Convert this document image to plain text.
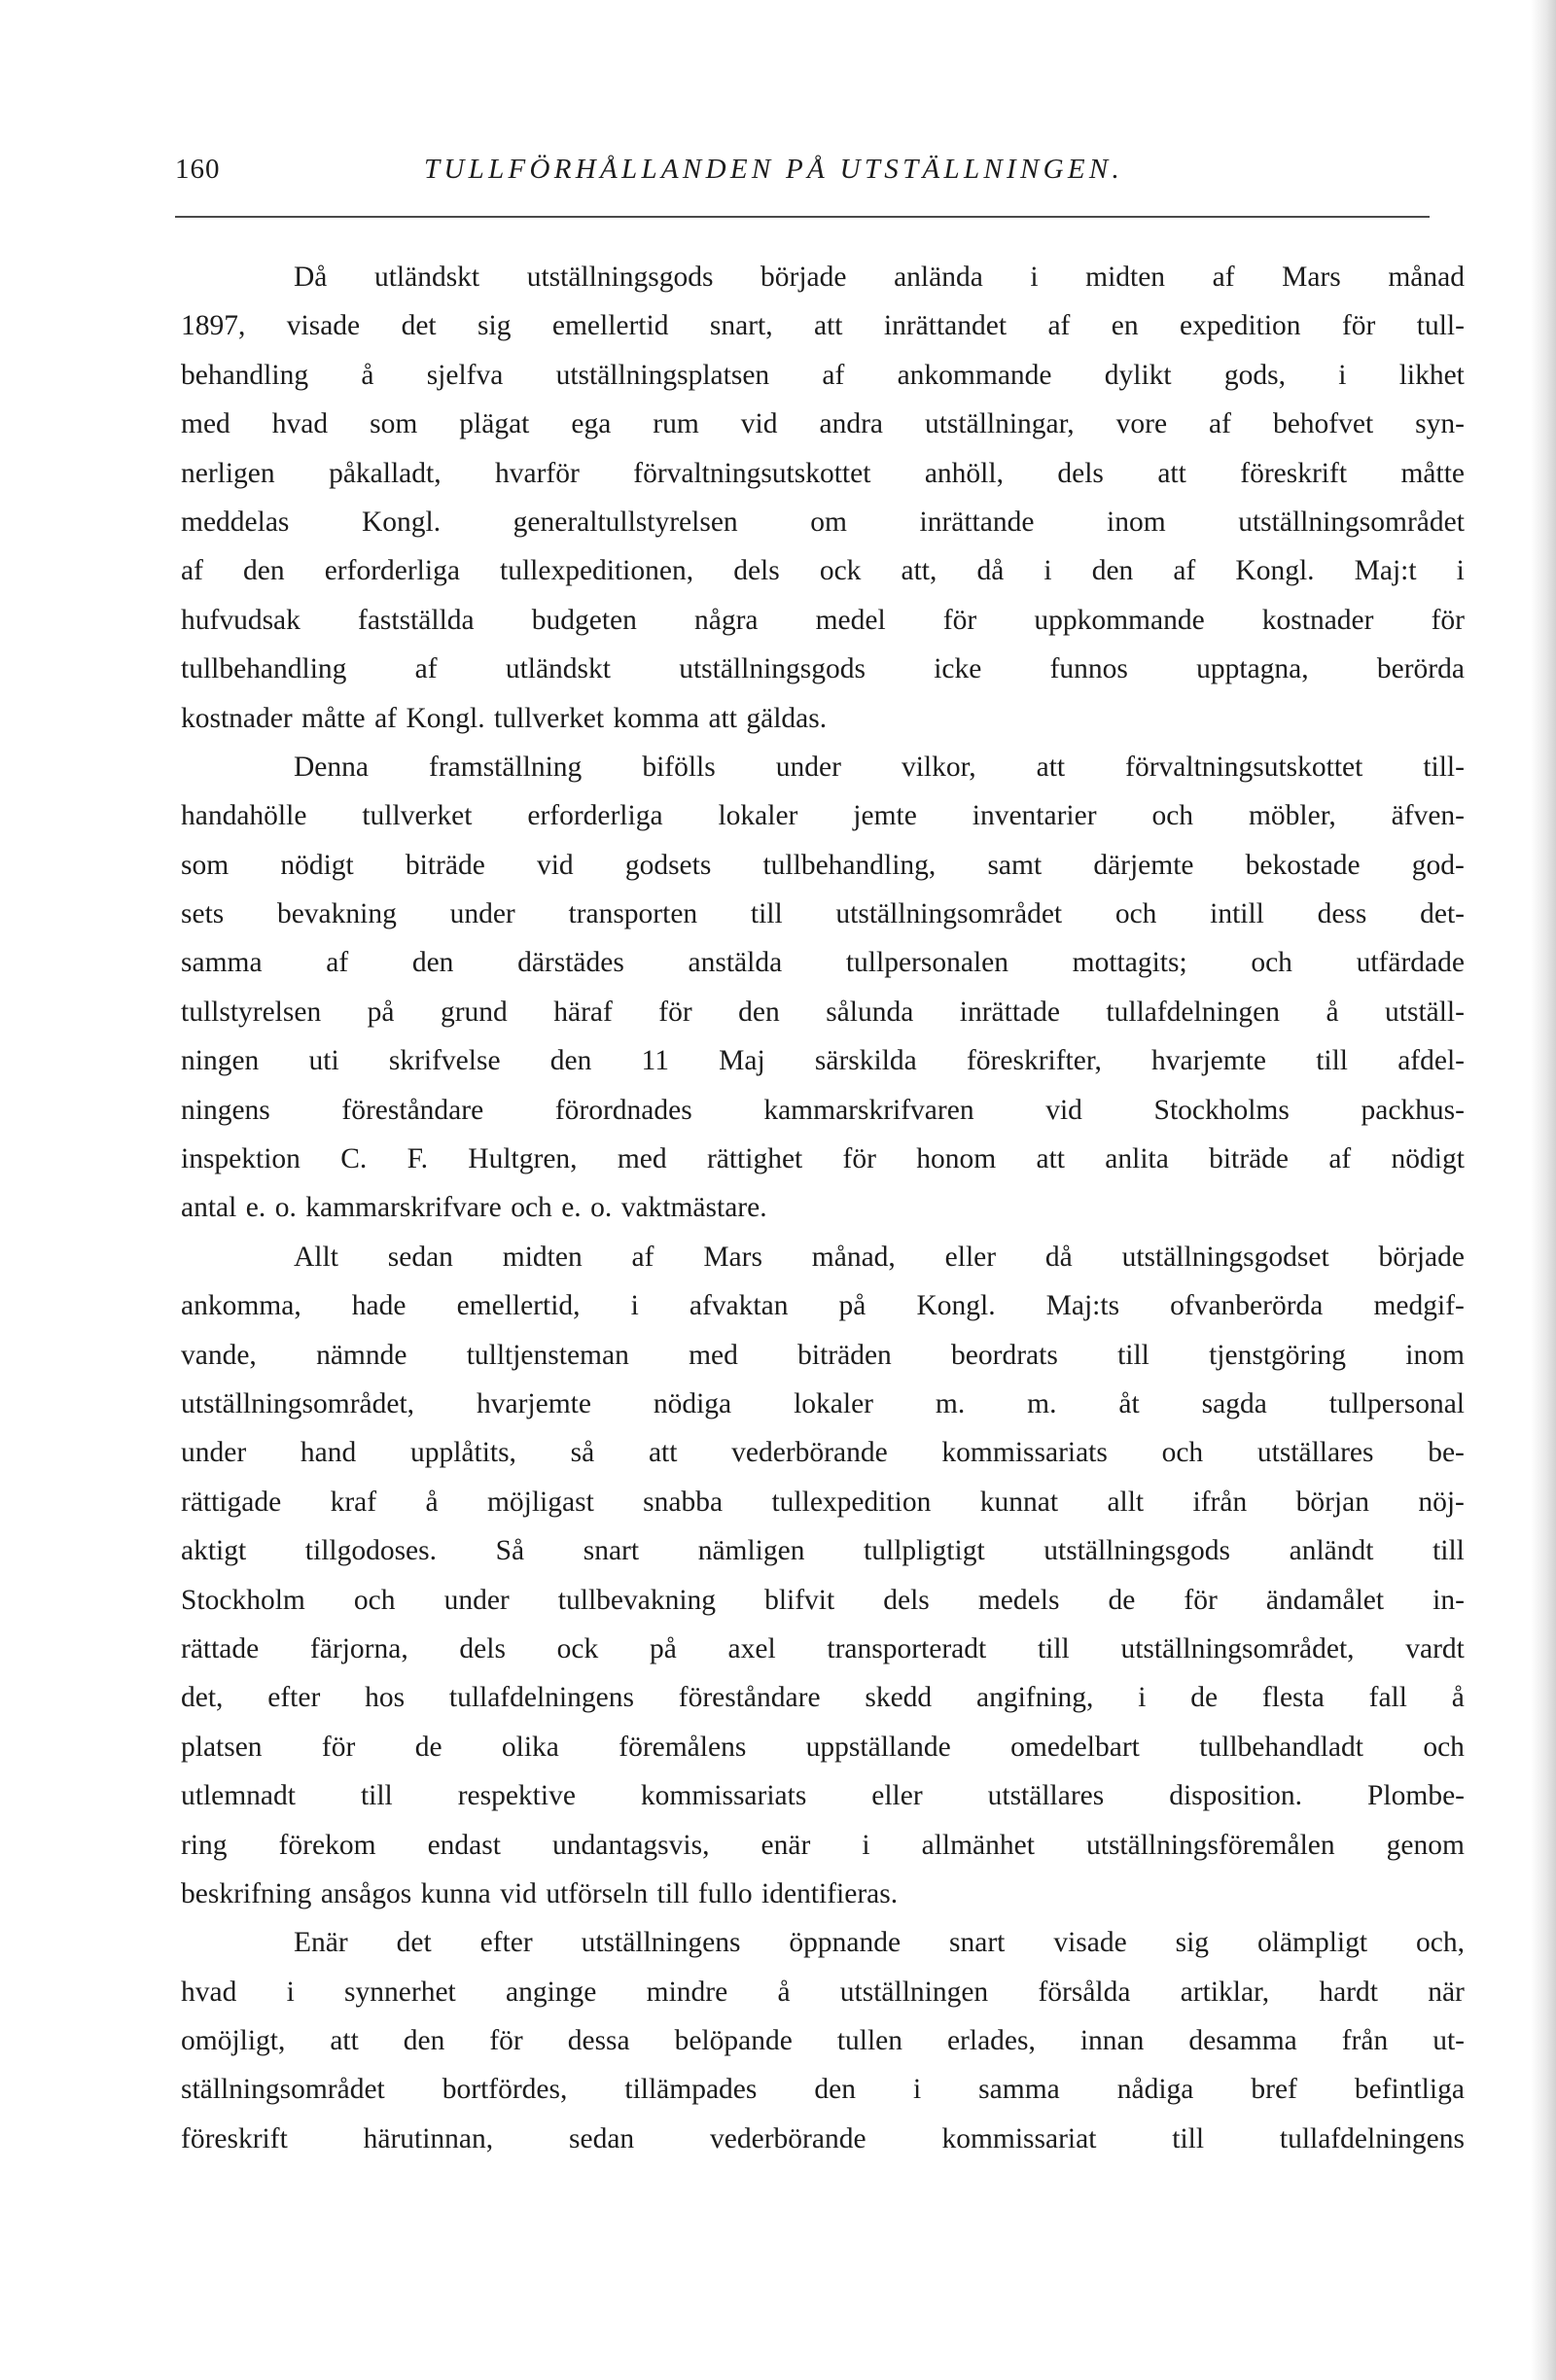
160	TULLFÖRHÅLLANDEN PÅ UTSTÄLLNINGEN.
Då utländskt utställningsgods började anlända i midten af Mars månad
1897, visade det sig emellertid snart, att inrättandet af en expedition för tull-
behandling å sjelfva utställningsplatsen af ankommande dylikt gods, i likhet
med hvad som plägat ega rum vid andra utställningar, vore af behofvet syn-
nerligen påkalladt, hvarför förvaltningsutskottet anhöll, dels att föreskrift måtte
meddelas	Kongl.	generaltullstyrelsen	om	inrättande	inom	utställningsområdet
af den erforderliga tullexpeditionen, dels ock att, då i den af Kongl. Maj:t i
hufvudsak fastställda budgeten några medel för uppkommande kostnader för
tullbehandling af utländskt utställningsgods icke funnos upptagna, berörda
kostnader måtte af Kongl. tullverket komma att gäldas.
Denna framställning bifölls under vilkor, att förvaltningsutskottet till-
handahölle tullverket erforderliga lokaler jemte inventarier och möbler, äfven-
som nödigt biträde vid godsets tullbehandling, samt därjemte bekostade god-
sets bevakning under transporten till utställningsområdet och intill dess det-
samma af den därstädes anstälda tullpersonalen mottagits; och utfärdade
tullstyrelsen på grund häraf för den sålunda inrättade tullafdelningen å utställ-
ningen uti skrifvelse den 11 Maj särskilda föreskrifter, hvarjemte till afdel-
ningens föreståndare förordnades kammarskrifvaren vid Stockholms packhus-
inspektion C. F. Hultgren, med rättighet för honom att anlita biträde af nödigt
antal e. o. kammarskrifvare och e. o. vaktmästare.
Allt sedan midten af Mars månad, eller då utställningsgodset började
ankomma, hade emellertid, i afvaktan på Kongl. Maj:ts ofvanberörda medgif-
vande, nämnde tulltjensteman med biträden beordrats till tjenstgöring inom
utställningsområdet, hvarjemte nödiga lokaler m. m. åt sagda tullpersonal
under hand upplåtits, så att vederbörande kommissariats och utställares be-
rättigade kraf å möjligast snabba tullexpedition kunnat allt ifrån början nöj-
aktigt tillgodoses. Så snart nämligen tullpligtigt utställningsgods anländt till
Stockholm och under tullbevakning blifvit dels medels de för ändamålet in-
rättade färjorna, dels ock på axel transporteradt till utställningsområdet, vardt
det, efter hos tullafdelningens föreståndare skedd angifning, i de flesta fall å
platsen för de olika föremålens uppställande omedelbart tullbehandladt och
utlemnadt till respektive kommissariats eller utställares disposition. Plombe-
ring förekom endast undantagsvis, enär i allmänhet utställningsföremålen genom
beskrifning ansågos kunna vid utförseln till fullo identifieras.
Enär det efter utställningens öppnande snart visade sig olämpligt och,
hvad i synnerhet anginge mindre å utställningen försålda artiklar, hardt när
omöjligt, att den för dessa belöpande tullen erlades, innan desamma från ut-
ställningsområdet bortfördes, tillämpades den i samma nådiga bref befintliga
föreskrift	härutinnan,	sedan	vederbörande	kommissariat	till	tullafdelningens
